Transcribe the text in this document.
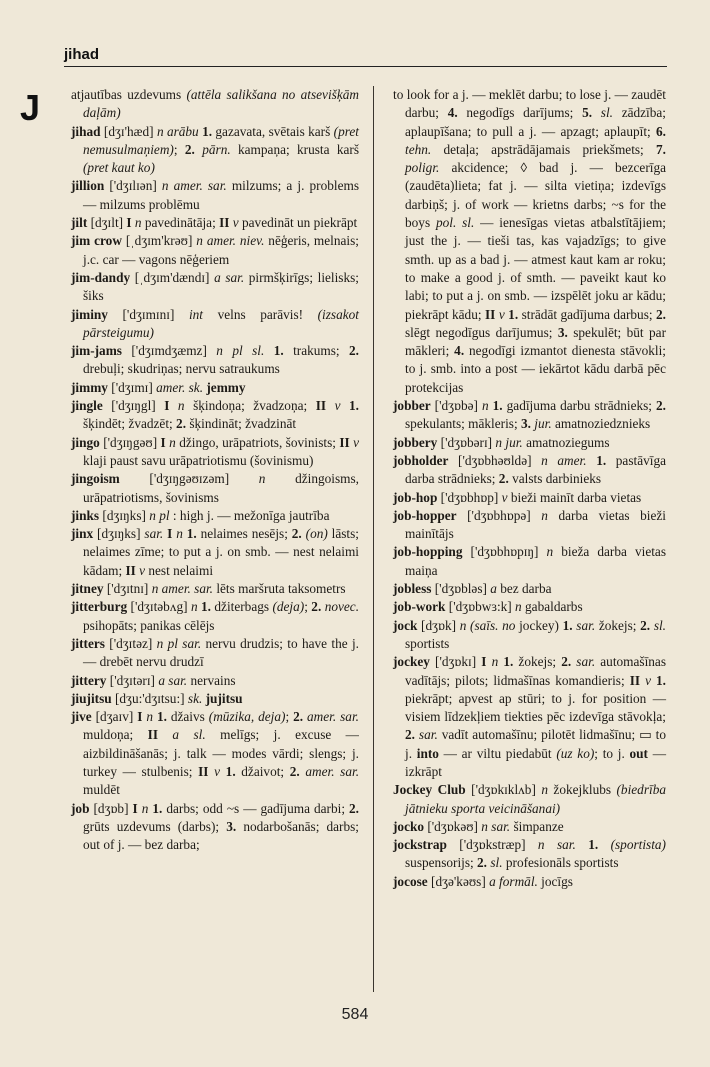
jihad
J atjautības uzdevums (attēla salikšana no atsevišķām daļām)

jihad [dʒɪ'hæd] n arābu 1. gazavata, svētais karš (pret nemusulmaņiem); 2. pārn. kampaņa; krusta karš (pret kaut ko)

jillion ['dʒɪlɪən] n amer. sar. milzums; a j. problems — milzums problēmu

jilt [dʒɪlt] I n pavedinātāja; II v pavedināt un piekrāpt

jim crow [ˌdʒɪm'krəʊ] n amer. niev. nēģeris, melnais; j.c. car — vagons nēģeriem

jim-dandy [ˌdʒɪm'dændɪ] a sar. pirmšķirīgs; lielisks; šiks

jiminy ['dʒɪmɪnɪ] int velns parāvis! (izsakot pārsteigumu)

jim-jams ['dʒɪmdʒæmz] n pl sl. 1. trakums; 2. drebuļi; skudriņas; nervu satraukums

jimmy ['dʒɪmɪ] amer. sk. jemmy

jingle ['dʒɪŋgl] I n šķindoņa; žvadzoņa; II v 1. šķindēt; žvadzēt; 2. šķindināt; žvadzināt

jingo ['dʒɪŋgəʊ] I n džingo, urāpatriots, šovinists; II v klaji paust savu urāpatriotismu (šovinismu)

jingoism ['dʒɪŋgəʊɪzəm] n džingoisms, urāpatriotisms, šovinisms

jinks [dʒɪŋks] n pl : high j. — mežonīga jautrība

jinx [dʒɪŋks] sar. I n 1. nelaimes nesējs; 2. (on) lāsts; nelaimes zīme; to put a j. on smb. — nest nelaimi kādam; II v nest nelaimi

jitney ['dʒɪtnɪ] n amer. sar. lēts maršruta taksometrs

jitterburg ['dʒɪtəbʌg] n 1. džiterbags (deja); 2. novec. psihopāts; panikas cēlējs

jitters ['dʒɪtəz] n pl sar. nervu drudzis; to have the j. — drebēt nervu drudzī

jittery ['dʒɪtərɪ] a sar. nervains

jiujitsu [dʒu:'dʒɪtsu:] sk. jujitsu

jive [dʒaɪv] I n 1. džaivs (mūzika, deja); 2. amer. sar. muldoņa; II a sl. melīgs; j. excuse — aizbildināšanās; j. talk — modes vārdi; slengs; j. turkey — stulbenis; II v 1. džaivot; 2. amer. sar. muldēt

job [dʒɒb] I n 1. darbs; odd ~s — gadījuma darbi; 2. grūts uzdevums (darbs); 3. nodarbošanās; darbs; out of j. — bez darba;

to look for a j. — meklēt darbu; to lose j. — zaudēt darbu; 4. negodīgs darījums; 5. sl. zādzība; aplaupīšana; to pull a j. — apzagt; aplaupīt; 6. tehn. detaļa; apstrādājamais priekšmets; 7. poligr. akcidence; ◊ bad j. — bezcerīga (zaudēta)lieta; fat j. — silta vietiņa; izdevīgs darbiņš; j. of work — krietns darbs; ~s for the boys pol. sl. — ienesīgas vietas atbalstītājiem; just the j. — tieši tas, kas vajadzīgs; to give smth. up as a bad j. — atmest kaut kam ar roku; to make a good j. of smth. — paveikt kaut ko labi; to put a j. on smb. — izspēlēt joku ar kādu; piekrāpt kādu; II v 1. strādāt gadījuma darbus; 2. slēgt negodīgus darījumus; 3. spekulēt; būt par mākleri; 4. negodīgi izmantot dienesta stāvokli; to j. smb. into a post — iekārtot kādu darbā pēc protekcijas

jobber ['dʒɒbə] n 1. gadījuma darbu strādnieks; 2. spekulants; mākleris; 3. jur. amatnoziedznieks

jobbery ['dʒɒbərɪ] n jur. amatnoziegums

jobholder ['dʒɒbhəʊldə] n amer. 1. pastāvīga darba strādnieks; 2. valsts darbinieks

job-hop ['dʒɒbhɒp] v bieži mainīt darba vietas

job-hopper ['dʒɒbhɒpə] n darba vietas bieži mainītājs

job-hopping ['dʒɒbhɒpɪŋ] n bieža darba vietas maiņa

jobless ['dʒɒbləs] a bez darba

job-work ['dʒɒbwɜ:k] n gabaldarbs

jock [dʒɒk] n (saīs. no jockey) 1. sar. žokejs; 2. sl. sportists

jockey ['dʒɒkɪ] I n 1. žokejs; 2. sar. automašīnas vadītājs; pilots; lidmašīnas komandieris; II v 1. piekrāpt; apvest ap stūri; to j. for position — visiem līdzekļiem tiekties pēc izdevīga stāvokļa; 2. sar. vadīt automašīnu; pilotēt lidmašīnu; ▭ to j. into — ar viltu piedabūt (uz ko); to j. out — izkrāpt

Jockey Club ['dʒɒkɪklʌb] n žokejklubs (biedrība jātnieku sporta veicināšanai)

jocko ['dʒɒkəʊ] n sar. šimpanze

jockstrap ['dʒɒkstræp] n sar. 1. (sportista) suspensorijs; 2. sl. profesionāls sportists

jocose [dʒə'kəʊs] a formāl. jocīgs

584
